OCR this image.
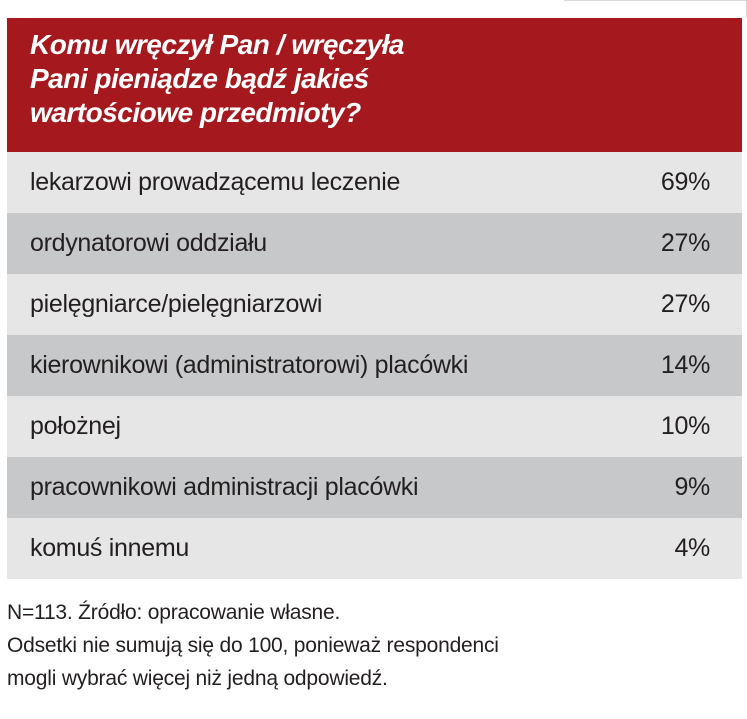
Komu wręczył Pan / wręczyła Pani pieniądze bądź jakieś wartościowe przedmioty?
lekarzowi prowadzącemu leczenie	69%
ordynatorowi oddziału	27%
pielęgniarce/pielęgniarzowi	27%
kierownikowi (administratorowi) placówki	14%
położnej	10%
pracownikowi administracji placówki	9%
komuś innemu	4%

N=113. Źródło: opracowanie własne.

Odsetki nie sumują się do 100, ponieważ respondenci

mogli wybrać więcej niż jedną odpowiedź.
